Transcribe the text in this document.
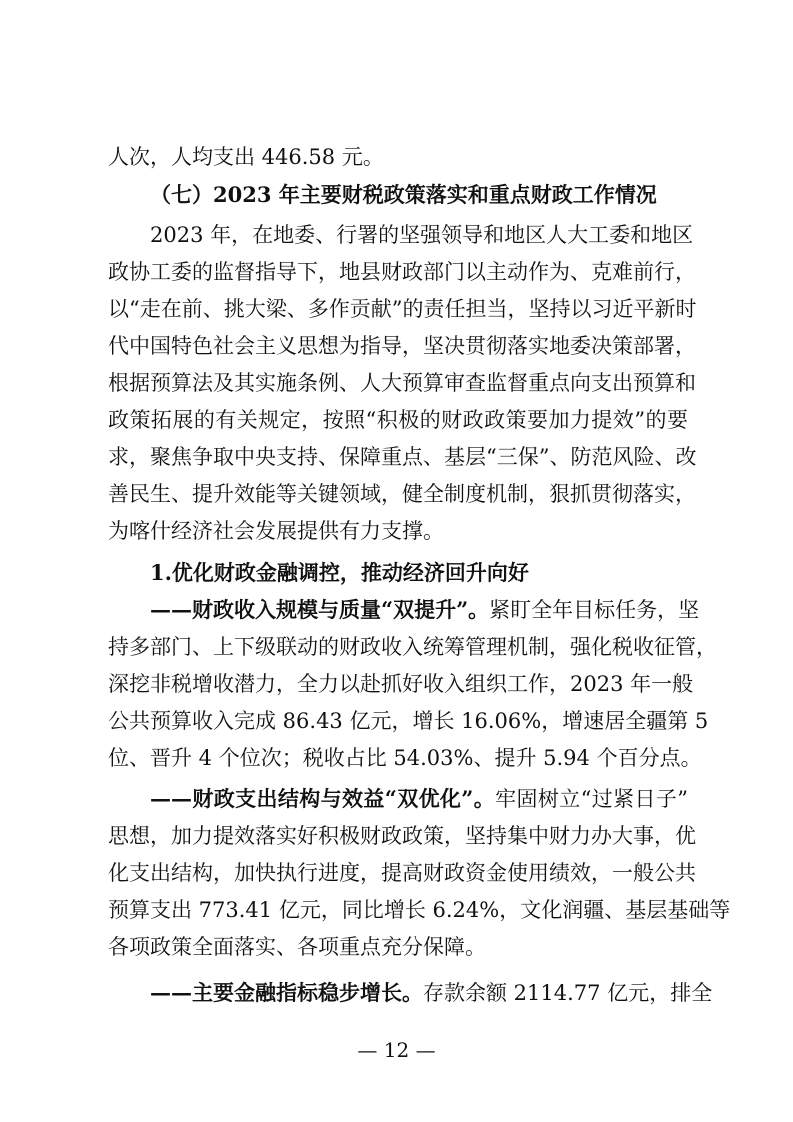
人次，人均支出 446.58 元。
（七）2023 年主要财税政策落实和重点财政工作情况
2023 年，在地委、行署的坚强领导和地区人大工委和地区
政协工委的监督指导下，地县财政部门以主动作为、克难前行，
以“走在前、挑大梁、多作贡献”的责任担当，坚持以习近平新时
代中国特色社会主义思想为指导，坚决贯彻落实地委决策部署，
根据预算法及其实施条例、人大预算审查监督重点向支出预算和
政策拓展的有关规定，按照“积极的财政政策要加力提效”的要
求，聚焦争取中央支持、保障重点、基层“三保”、防范风险、改
善民生、提升效能等关键领域，健全制度机制，狠抓贯彻落实，
为喀什经济社会发展提供有力支撑。
1.优化财政金融调控，推动经济回升向好
——财政收入规模与质量“双提升”。紧盯全年目标任务，坚
持多部门、上下级联动的财政收入统筹管理机制，强化税收征管，
深挖非税增收潜力，全力以赴抓好收入组织工作，2023 年一般
公共预算收入完成 86.43 亿元，增长 16.06%，增速居全疆第 5
位、晋升 4 个位次；税收占比 54.03%、提升 5.94 个百分点。
——财政支出结构与效益“双优化”。牢固树立“过紧日子”
思想，加力提效落实好积极财政政策，坚持集中财力办大事，优
化支出结构，加快执行进度，提高财政资金使用绩效，一般公共
预算支出 773.41 亿元，同比增长 6.24%，文化润疆、基层基础等
各项政策全面落实、各项重点充分保障。
——主要金融指标稳步增长。存款余额 2114.77 亿元，排全
— 12 —
